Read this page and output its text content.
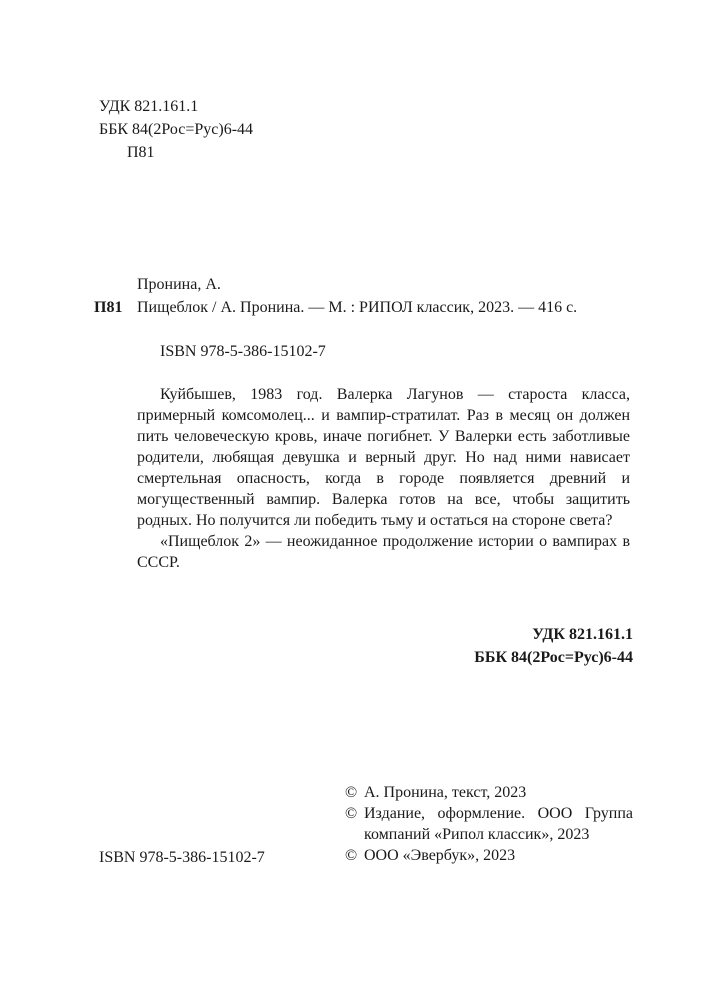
УДК 821.161.1
ББК 84(2Рос=Рус)6-44
П81
Пронина, А.
П81 Пищеблок / А. Пронина. — М. : РИПОЛ классик, 2023. — 416 с.
ISBN 978-5-386-15102-7

Куйбышев, 1983 год. Валерка Лагунов — староста класса, примерный комсомолец... и вампир-стратилат. Раз в месяц он должен пить человеческую кровь, иначе погибнет. У Валерки есть заботливые родители, любящая девушка и верный друг. Но над ними нависает смертельная опасность, когда в городе появляется древний и могущественный вампир. Валерка готов на все, чтобы защитить родных. Но получится ли победить тьму и остаться на стороне света?

«Пищеблок 2» — неожиданное продолжение истории о вампирах в СССР.

УДК 821.161.1
ББК 84(2Рос=Рус)6-44
ISBN 978-5-386-15102-7
© А. Пронина, текст, 2023
© Издание, оформление. ООО Группа компаний «Рипол классик», 2023
© ООО «Эвербук», 2023
